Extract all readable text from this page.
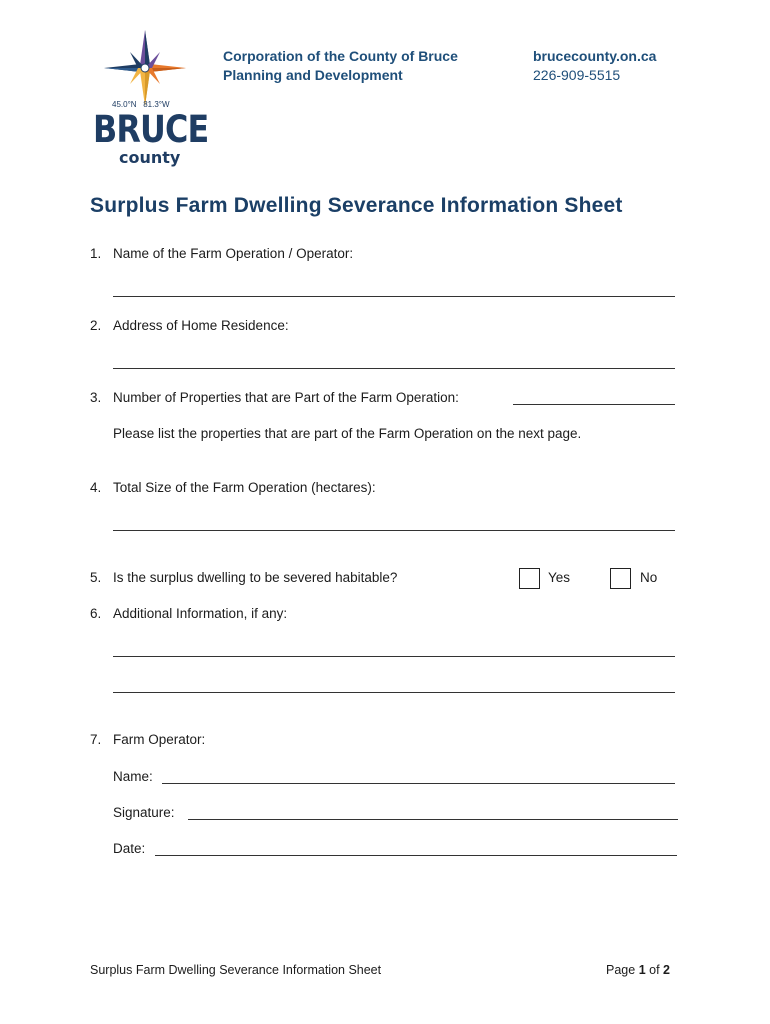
45.0°N   81.3°W
BRUCE
county
Corporation of the County of Bruce
Planning and Development
brucecounty.on.ca
226-909-5515
Surplus Farm Dwelling Severance Information Sheet
1. Name of the Farm Operation / Operator:
2. Address of Home Residence:
3. Number of Properties that are Part of the Farm Operation:
Please list the properties that are part of the Farm Operation on the next page.
4. Total Size of the Farm Operation (hectares):
5. Is the surplus dwelling to be severed habitable?	Yes	No
6. Additional Information, if any:
7. Farm Operator:
Name:
Signature:
Date:
Surplus Farm Dwelling Severance Information Sheet	Page 1 of 2
